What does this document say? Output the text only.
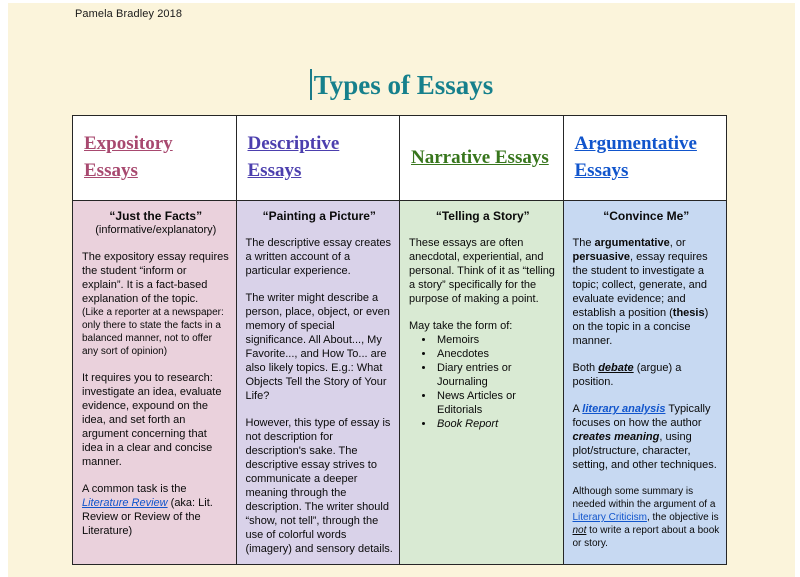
Pamela Bradley 2018
Types of Essays
Expository Essays	Descriptive Essays	Narrative Essays	Argumentative Essays

“Just the Facts”
(informative/explanatory)
The expository essay requires the student “inform or explain”. It is a fact-based explanation of the topic.
(Like a reporter at a newspaper: only there to state the facts in a balanced manner, not to offer any sort of opinion)
It requires you to research: investigate an idea, evaluate evidence, expound on the idea, and set forth an argument concerning that idea in a clear and concise manner.
A common task is the Literature Review (aka: Lit. Review or Review of the Literature)

“Painting a Picture”
The descriptive essay creates a written account of a particular experience.
The writer might describe a person, place, object, or even memory of special significance. All About..., My Favorite..., and How To... are also likely topics. E.g.: What Objects Tell the Story of Your Life?
However, this type of essay is not description for description's sake. The descriptive essay strives to communicate a deeper meaning through the description. The writer should “show, not tell”, through the use of colorful words (imagery) and sensory details.

“Telling a Story”
These essays are often anecdotal, experiential, and personal. Think of it as “telling a story” specifically for the purpose of making a point.
May take the form of:
• Memoirs
• Anecdotes
• Diary entries or Journaling
• News Articles or Editorials
• Book Report

“Convince Me”
The argumentative, or persuasive, essay requires the student to investigate a topic; collect, generate, and evaluate evidence; and establish a position (thesis) on the topic in a concise manner.
Both debate (argue) a position.
A literary analysis Typically focuses on how the author creates meaning, using plot/structure, character, setting, and other techniques.
Although some summary is needed within the argument of a Literary Criticism, the objective is not to write a report about a book or story.
